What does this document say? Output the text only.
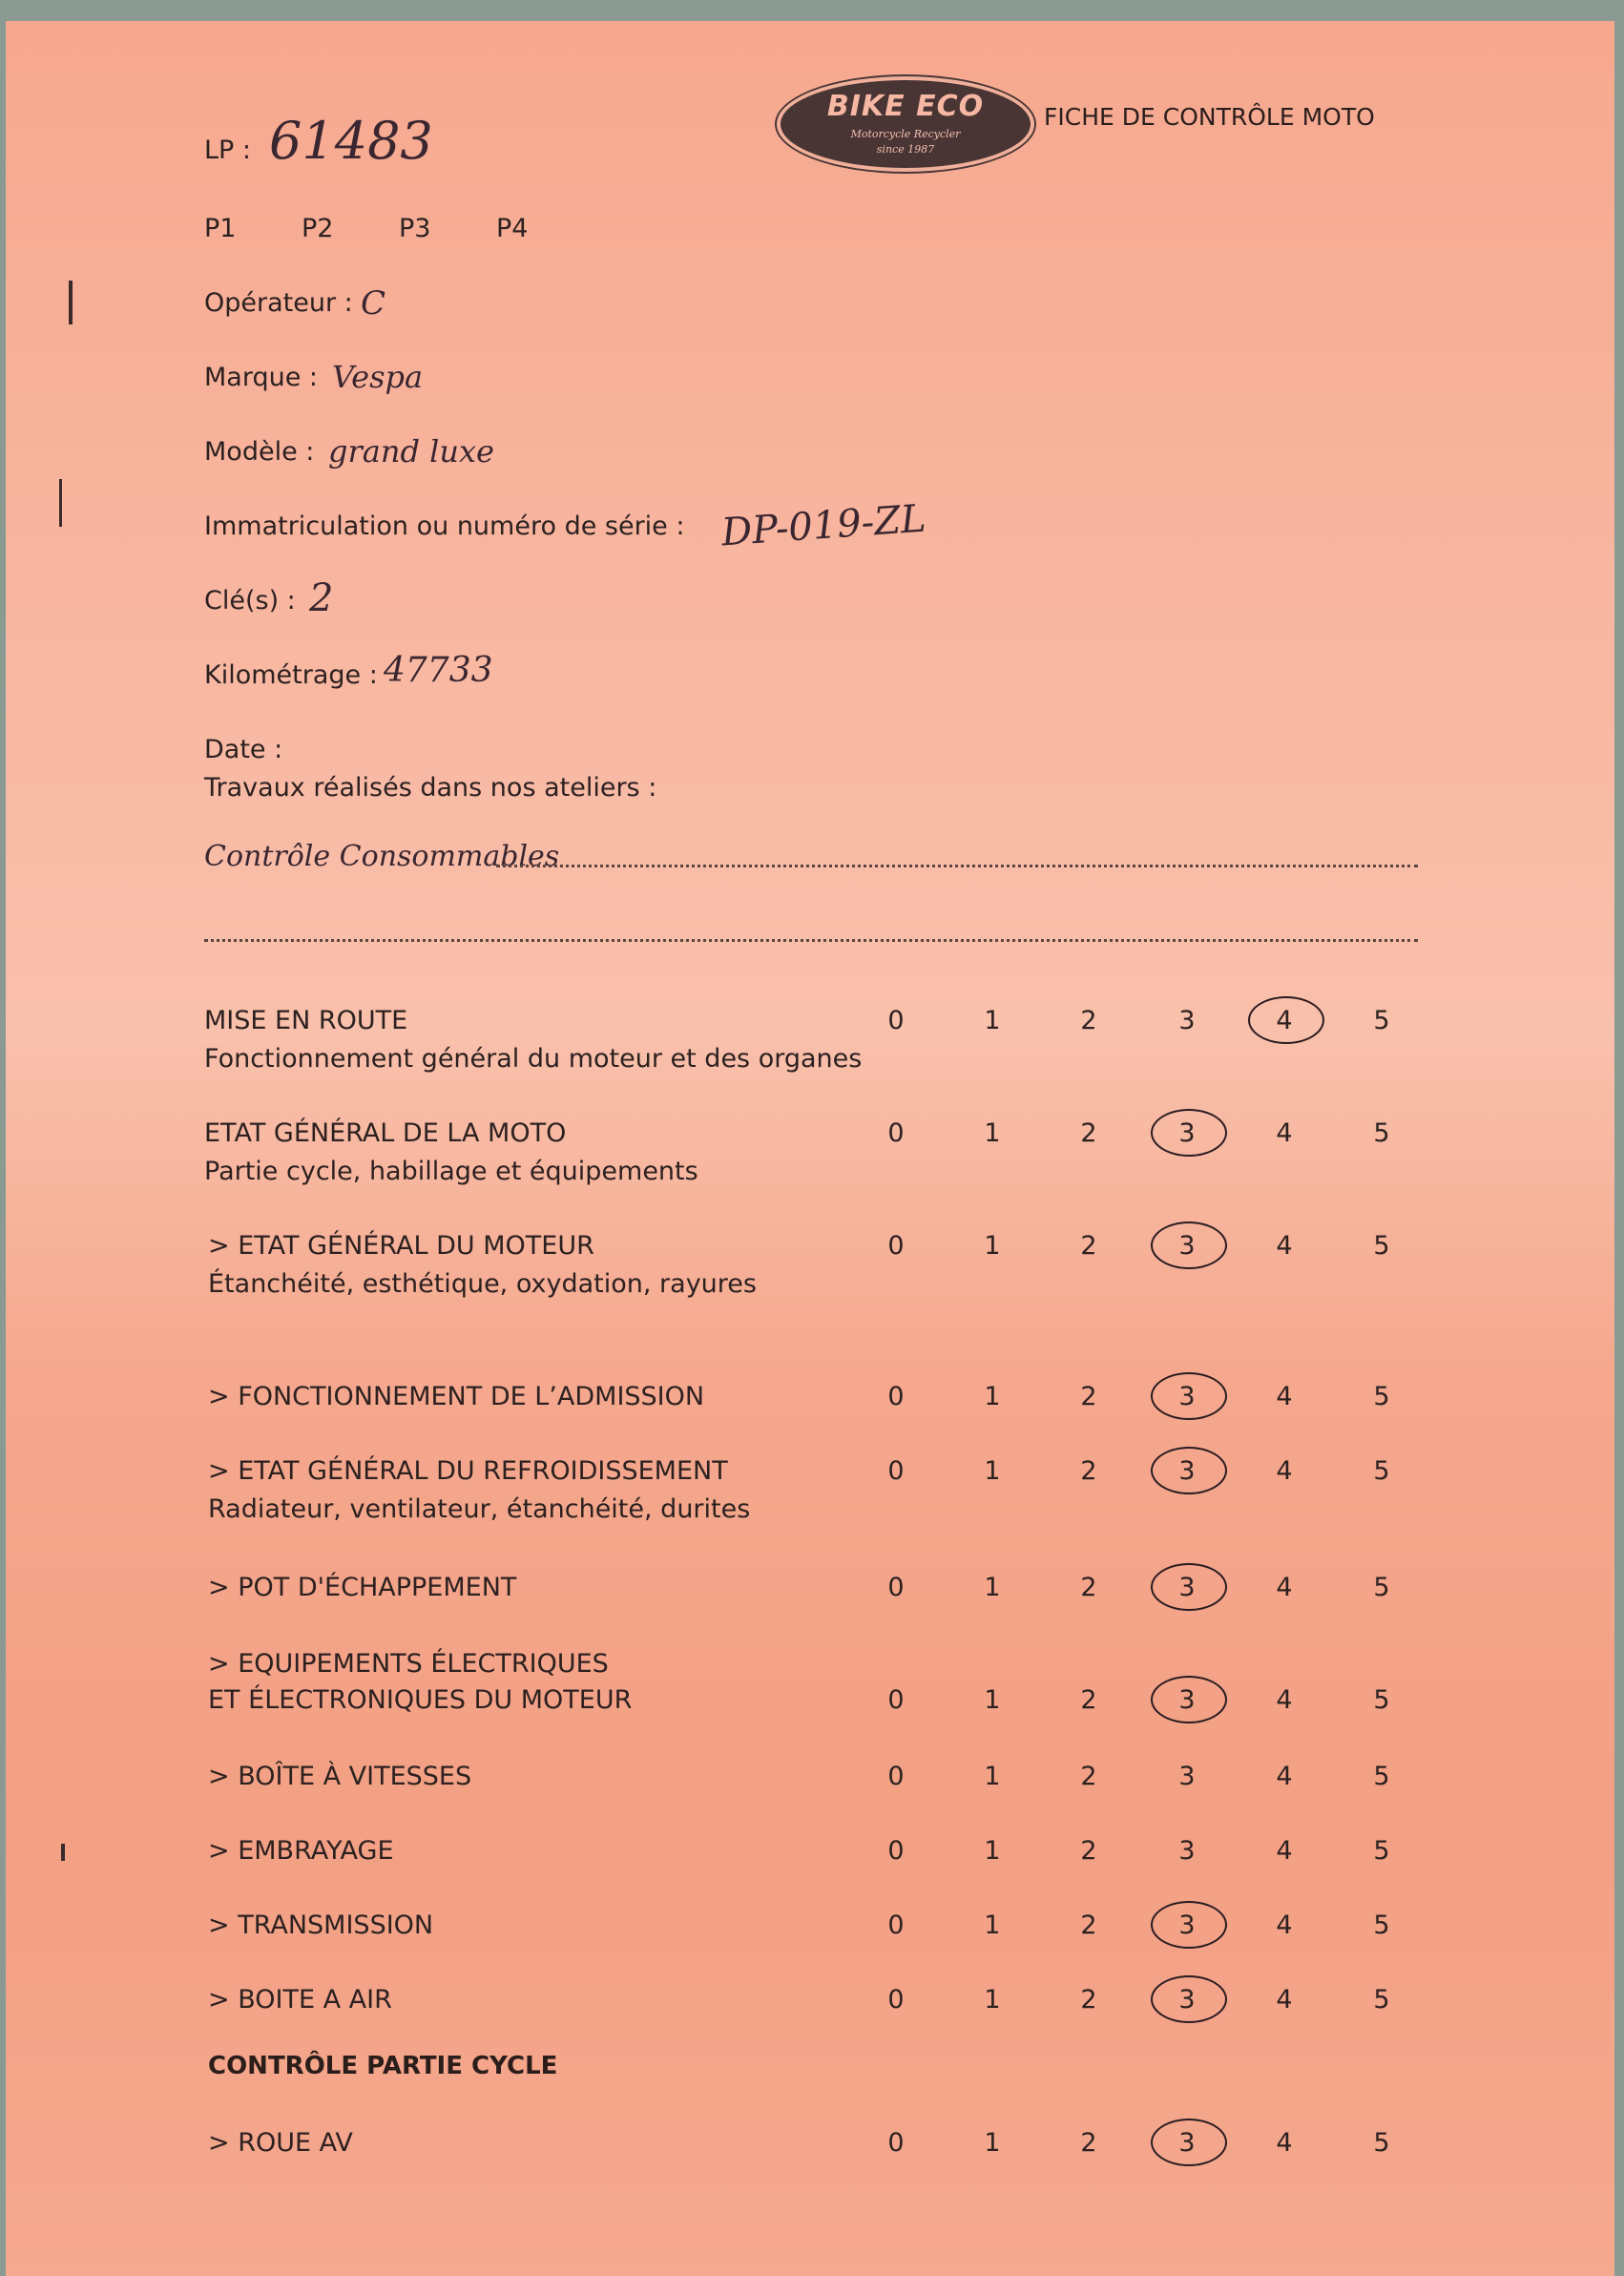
BIKE ECO
Motorcycle Recycler
since 1987
FICHE DE CONTRÔLE MOTO
LP : 61483
P1	P2	P3	P4
Opérateur : C
Marque : Vespa
Modèle : grand luxe
Immatriculation ou numéro de série : DP-019-ZL
Clé(s) : 2
Kilométrage : 47733
Date :
Travaux réalisés dans nos ateliers :
Contrôle Consommables
MISE EN ROUTE
Fonctionnement général du moteur et des organes
0	1	2	3	4	5
ETAT GÉNÉRAL DE LA MOTO
Partie cycle, habillage et équipements
0	1	2	3	4	5
> ETAT GÉNÉRAL DU MOTEUR
Étanchéité, esthétique, oxydation, rayures
0	1	2	3	4	5
> FONCTIONNEMENT DE L’ADMISSION	0	1	2	3	4	5
> ETAT GÉNÉRAL DU REFROIDISSEMENT
Radiateur, ventilateur, étanchéité, durites
0	1	2	3	4	5
> POT D'ÉCHAPPEMENT	0	1	2	3	4	5
> EQUIPEMENTS ÉLECTRIQUES
ET ÉLECTRONIQUES DU MOTEUR	0	1	2	3	4	5
> BOÎTE À VITESSES	0	1	2	3	4	5
> EMBRAYAGE	0	1	2	3	4	5
> TRANSMISSION	0	1	2	3	4	5
> BOITE A AIR	0	1	2	3	4	5
> ROUE AV	0	1	2	3	4	5
CONTRÔLE PARTIE CYCLE
